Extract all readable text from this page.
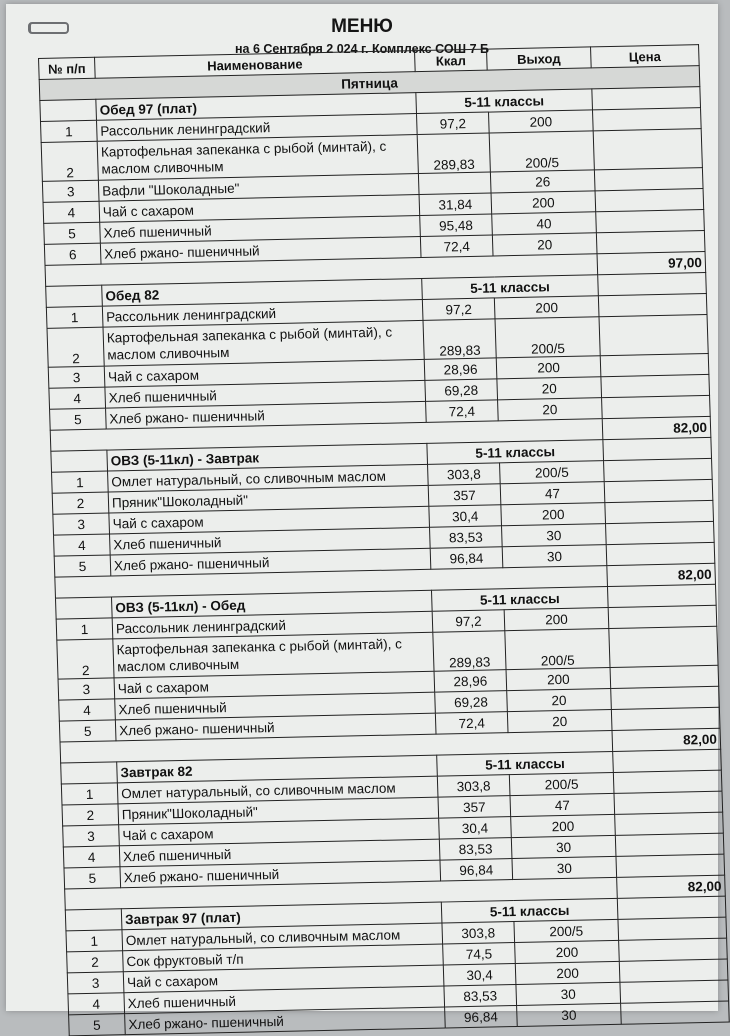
МЕНЮ
на 6 Сентября 2 024 г. Комплекс СОШ 7 Б
№ п/п	Наименование	Ккал	Выход	Цена
Пятница				
	Обед 97 (плат)	5-11 классы		
1	Рассольник ленинградский	97,2	200	
2	Картофельная запеканка с рыбой (минтай), с маслом сливочным	289,83	200/5	
3	Вафли "Шоколадные"		26	
4	Чай с сахаром	31,84	200	
5	Хлеб пшеничный	95,48	40	
6	Хлеб ржано- пшеничный	72,4	20	
				97,00
	Обед 82	5-11 классы		
1	Рассольник ленинградский	97,2	200	
2	Картофельная запеканка с рыбой (минтай), с маслом сливочным	289,83	200/5	
3	Чай с сахаром	28,96	200	
4	Хлеб пшеничный	69,28	20	
5	Хлеб ржано- пшеничный	72,4	20	
				82,00
	ОВЗ (5-11кл) - Завтрак	5-11 классы		
1	Омлет натуральный, со сливочным маслом	303,8	200/5	
2	Пряник"Шоколадный"	357	47	
3	Чай с сахаром	30,4	200	
4	Хлеб пшеничный	83,53	30	
5	Хлеб ржано- пшеничный	96,84	30	
				82,00
	ОВЗ (5-11кл) - Обед	5-11 классы		
1	Рассольник ленинградский	97,2	200	
2	Картофельная запеканка с рыбой (минтай), с маслом сливочным	289,83	200/5	
3	Чай с сахаром	28,96	200	
4	Хлеб пшеничный	69,28	20	
5	Хлеб ржано- пшеничный	72,4	20	
				82,00
	Завтрак 82	5-11 классы		
1	Омлет натуральный, со сливочным маслом	303,8	200/5	
2	Пряник"Шоколадный"	357	47	
3	Чай с сахаром	30,4	200	
4	Хлеб пшеничный	83,53	30	
5	Хлеб ржано- пшеничный	96,84	30	
				82,00
	Завтрак 97 (плат)	5-11 классы		
1	Омлет натуральный, со сливочным маслом	303,8	200/5	
2	Сок фруктовый т/п	74,5	200	
3	Чай с сахаром	30,4	200	
4	Хлеб пшеничный	83,53	30	
5	Хлеб ржано- пшеничный	96,84	30	
